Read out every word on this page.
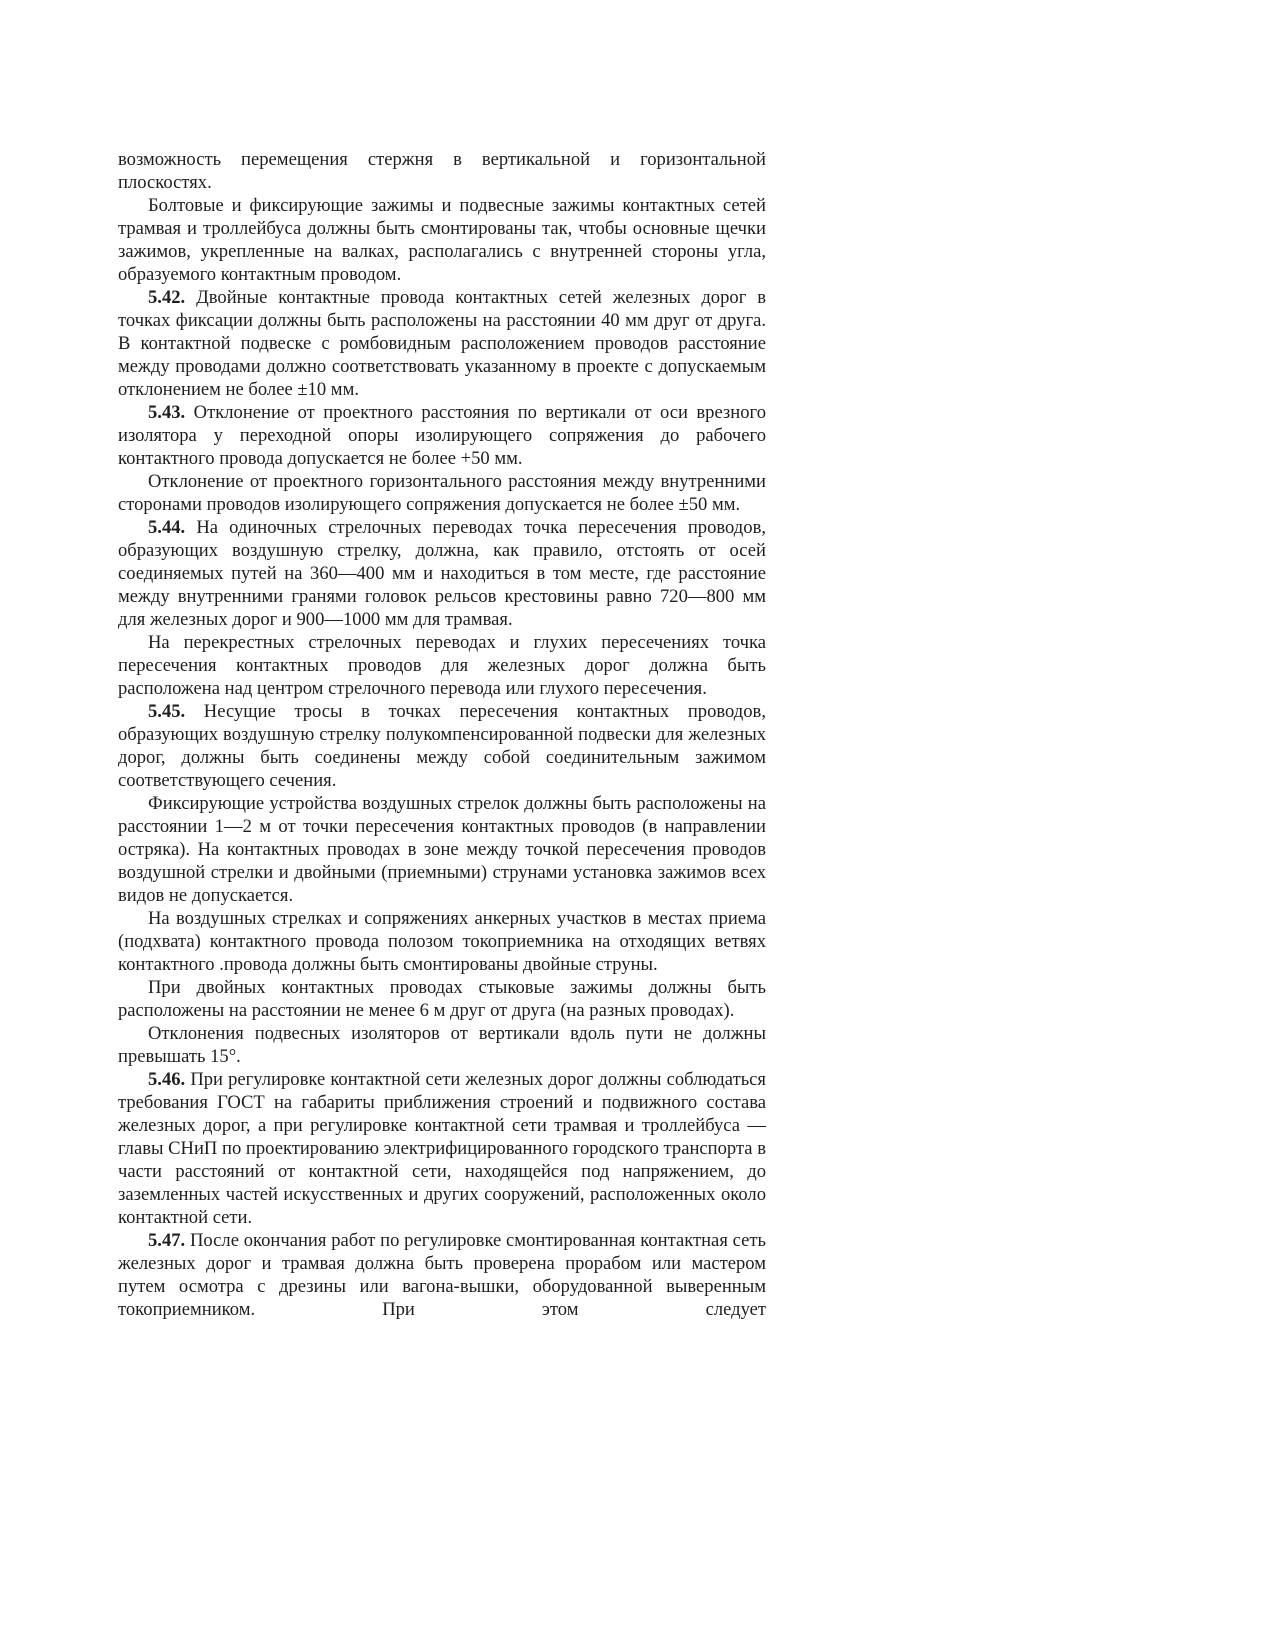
возможность перемещения стержня в вертикальной и горизонтальной плоскостях.

Болтовые и фиксирующие зажимы и подвесные зажимы контактных сетей трамвая и троллейбуса должны быть смонтированы так, чтобы основные щечки зажимов, укрепленные на валках, располагались с внутренней стороны угла, образуемого контактным проводом.

5.42. Двойные контактные провода контактных сетей железных дорог в точках фиксации должны быть расположены на расстоянии 40 мм друг от друга. В контактной подвеске с ромбовидным расположением проводов расстояние между проводами должно соответствовать указанному в проекте с допускаемым отклонением не более ±10 мм.

5.43. Отклонение от проектного расстояния по вертикали от оси врезного изолятора у переходной опоры изолирующего сопряжения до рабочего контактного провода допускается не более +50 мм.

Отклонение от проектного горизонтального расстояния между внутренними сторонами проводов изолирующего сопряжения допускается не более ±50 мм.

5.44. На одиночных стрелочных переводах точка пересечения проводов, образующих воздушную стрелку, должна, как правило, отстоять от осей соединяемых путей на 360—400 мм и находиться в том месте, где расстояние между внутренними гранями головок рельсов крестовины равно 720—800 мм для железных дорог и 900—1000 мм для трамвая.

На перекрестных стрелочных переводах и глухих пересечениях точка пересечения контактных проводов для железных дорог должна быть расположена над центром стрелочного перевода или глухого пересечения.

5.45. Несущие тросы в точках пересечения контактных проводов, образующих воздушную стрелку полукомпенсированной подвески для железных дорог, должны быть соединены между собой соединительным зажимом соответствующего сечения.

Фиксирующие устройства воздушных стрелок должны быть расположены на расстоянии 1—2 м от точки пересечения контактных проводов (в направлении остряка). На контактных проводах в зоне между точкой пересечения проводов воздушной стрелки и двойными (приемными) струнами установка зажимов всех видов не допускается.

На воздушных стрелках и сопряжениях анкерных участков в местах приема (подхвата) контактного провода полозом токоприемника на отходящих ветвях контактного .провода должны быть смонтированы двойные струны.

При двойных контактных проводах стыковые зажимы должны быть расположены на расстоянии не менее 6 м друг от друга (на разных проводах).

Отклонения подвесных изоляторов от вертикали вдоль пути не должны превышать 15°.

5.46. При регулировке контактной сети железных дорог должны соблюдаться требования ГОСТ на габариты приближения строений и подвижного состава железных дорог, а при регулировке контактной сети трамвая и троллейбуса — главы СНиП по проектированию электрифицированного городского транспорта в части расстояний от контактной сети, находящейся под напряжением, до заземленных частей искусственных и других сооружений, расположенных около контактной сети.

5.47. После окончания работ по регулировке смонтированная контактная сеть железных дорог и трамвая должна быть проверена прорабом или мастером путем осмотра с дрезины или вагона-вышки, оборудованной выверенным токоприемником. При этом следует
